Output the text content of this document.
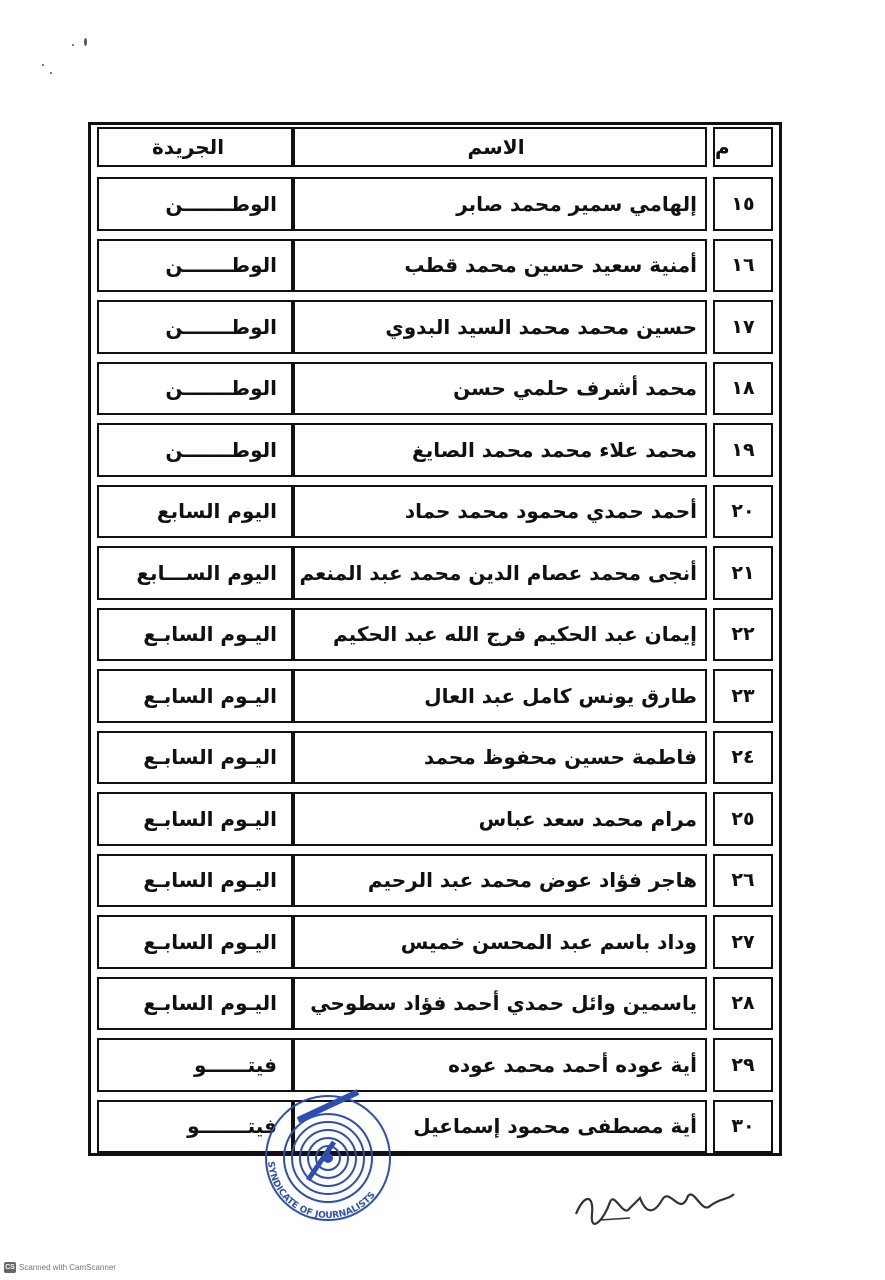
م
الاسم
الجريدة
١٥
إلهامي سمير محمد صابر
الوطـــــــن
١٦
أمنية سعيد حسين محمد قطب
الوطـــــــن
١٧
حسين محمد محمد السيد البدوي
الوطـــــــن
١٨
محمد أشرف حلمي حسن
الوطـــــــن
١٩
محمد علاء محمد محمد الصايغ
الوطـــــــن
٢٠
أحمد حمدي محمود محمد حماد
اليوم السابع
٢١
أنجى محمد عصام الدين محمد عبد المنعم
اليوم الســـابع
٢٢
إيمان عبد الحكيم فرج الله عبد الحكيم
اليـوم السابـع
٢٣
طارق يونس كامل عبد العال
اليـوم السابـع
٢٤
فاطمة حسين محفوظ محمد
اليـوم السابـع
٢٥
مرام محمد سعد عباس
اليـوم السابـع
٢٦
هاجر فؤاد عوض محمد عبد الرحيم
اليـوم السابـع
٢٧
وداد باسم عبد المحسن خميس
اليـوم السابـع
٢٨
ياسمين وائل حمدي أحمد فؤاد سطوحي
اليـوم السابـع
٢٩
أية عوده أحمد محمد عوده
فيتــــــو
٣٠
أية مصطفى محمود إسماعيل
فيتـــــــو
SYNDICATE OF JOURNALISTS
CS Scanned with CamScanner
